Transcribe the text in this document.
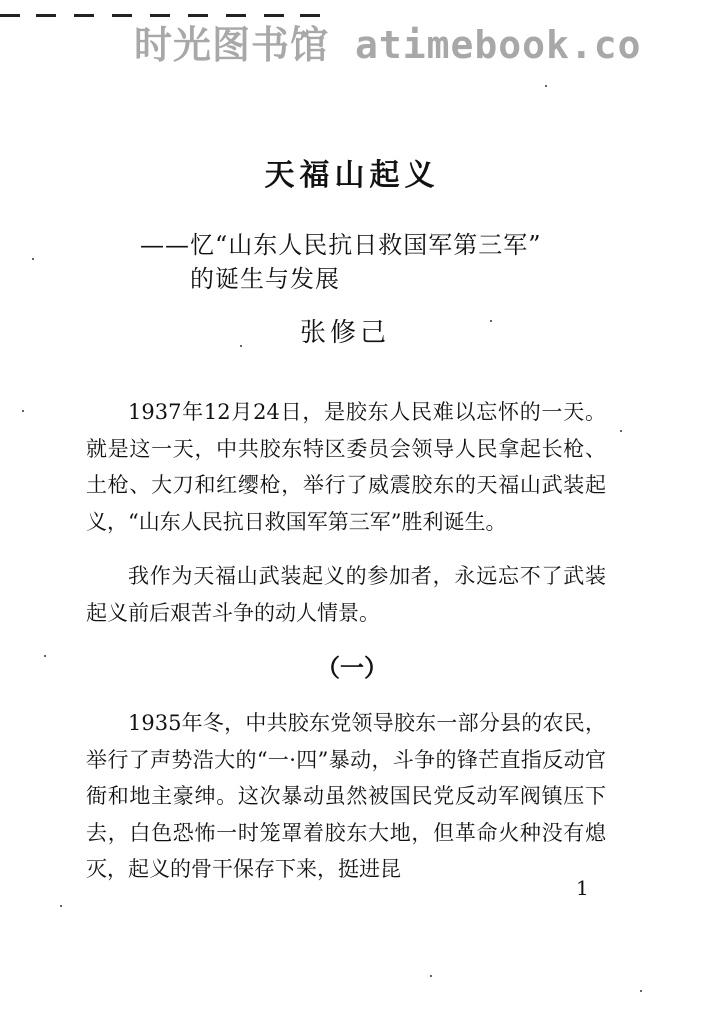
时光图书馆 atimebook.co
天福山起义
——忆“山东人民抗日救国军第三军”
的诞生与发展
张修己

1937年12月24日，是胶东人民难以忘怀的一天。就是这一天，中共胶东特区委员会领导人民拿起长枪、土枪、大刀和红缨枪，举行了威震胶东的天福山武装起义，“山东人民抗日救国军第三军”胜利诞生。

我作为天福山武装起义的参加者，永远忘不了武装起义前后艰苦斗争的动人情景。

（一）

1935年冬，中共胶东党领导胶东一部分县的农民，举行了声势浩大的“一·四”暴动，斗争的锋芒直指反动官衙和地主豪绅。这次暴动虽然被国民党反动军阀镇压下去，白色恐怖一时笼罩着胶东大地，但革命火种没有熄灭，起义的骨干保存下来，挺进昆

1
